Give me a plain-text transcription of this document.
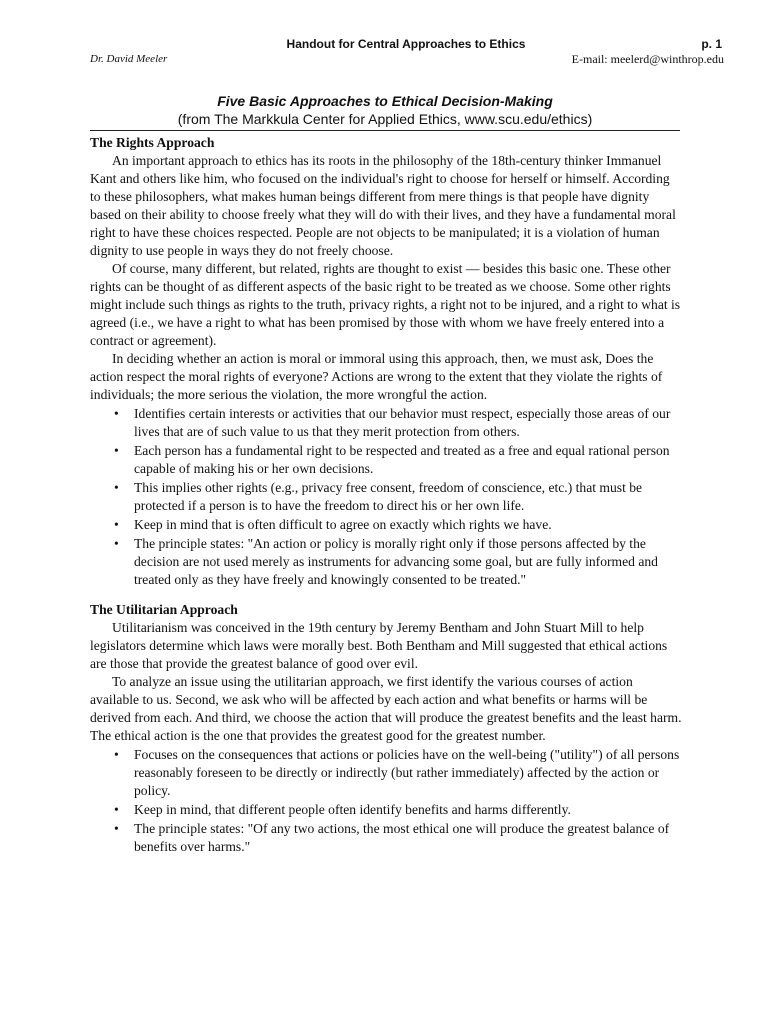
Handout for Central Approaches to Ethics	p. 1
Dr. David Meeler	E-mail: meelerd@winthrop.edu
Five Basic Approaches to Ethical Decision-Making
(from The Markkula Center for Applied Ethics, www.scu.edu/ethics)

The Rights Approach

An important approach to ethics has its roots in the philosophy of the 18th-century thinker Immanuel Kant and others like him, who focused on the individual's right to choose for herself or himself. According to these philosophers, what makes human beings different from mere things is that people have dignity based on their ability to choose freely what they will do with their lives, and they have a fundamental moral right to have these choices respected. People are not objects to be manipulated; it is a violation of human dignity to use people in ways they do not freely choose.

Of course, many different, but related, rights are thought to exist — besides this basic one. These other rights can be thought of as different aspects of the basic right to be treated as we choose. Some other rights might include such things as rights to the truth, privacy rights, a right not to be injured, and a right to what is agreed (i.e., we have a right to what has been promised by those with whom we have freely entered into a contract or agreement).

In deciding whether an action is moral or immoral using this approach, then, we must ask, Does the action respect the moral rights of everyone? Actions are wrong to the extent that they violate the rights of individuals; the more serious the violation, the more wrongful the action.

• Identifies certain interests or activities that our behavior must respect, especially those areas of our lives that are of such value to us that they merit protection from others.
• Each person has a fundamental right to be respected and treated as a free and equal rational person capable of making his or her own decisions.
• This implies other rights (e.g., privacy free consent, freedom of conscience, etc.) that must be protected if a person is to have the freedom to direct his or her own life.
• Keep in mind that is often difficult to agree on exactly which rights we have.
• The principle states: "An action or policy is morally right only if those persons affected by the decision are not used merely as instruments for advancing some goal, but are fully informed and treated only as they have freely and knowingly consented to be treated."

The Utilitarian Approach

Utilitarianism was conceived in the 19th century by Jeremy Bentham and John Stuart Mill to help legislators determine which laws were morally best. Both Bentham and Mill suggested that ethical actions are those that provide the greatest balance of good over evil.

To analyze an issue using the utilitarian approach, we first identify the various courses of action available to us. Second, we ask who will be affected by each action and what benefits or harms will be derived from each. And third, we choose the action that will produce the greatest benefits and the least harm. The ethical action is the one that provides the greatest good for the greatest number.

• Focuses on the consequences that actions or policies have on the well-being ("utility") of all persons reasonably foreseen to be directly or indirectly (but rather immediately) affected by the action or policy.
• Keep in mind, that different people often identify benefits and harms differently.
• The principle states: "Of any two actions, the most ethical one will produce the greatest balance of benefits over harms."
